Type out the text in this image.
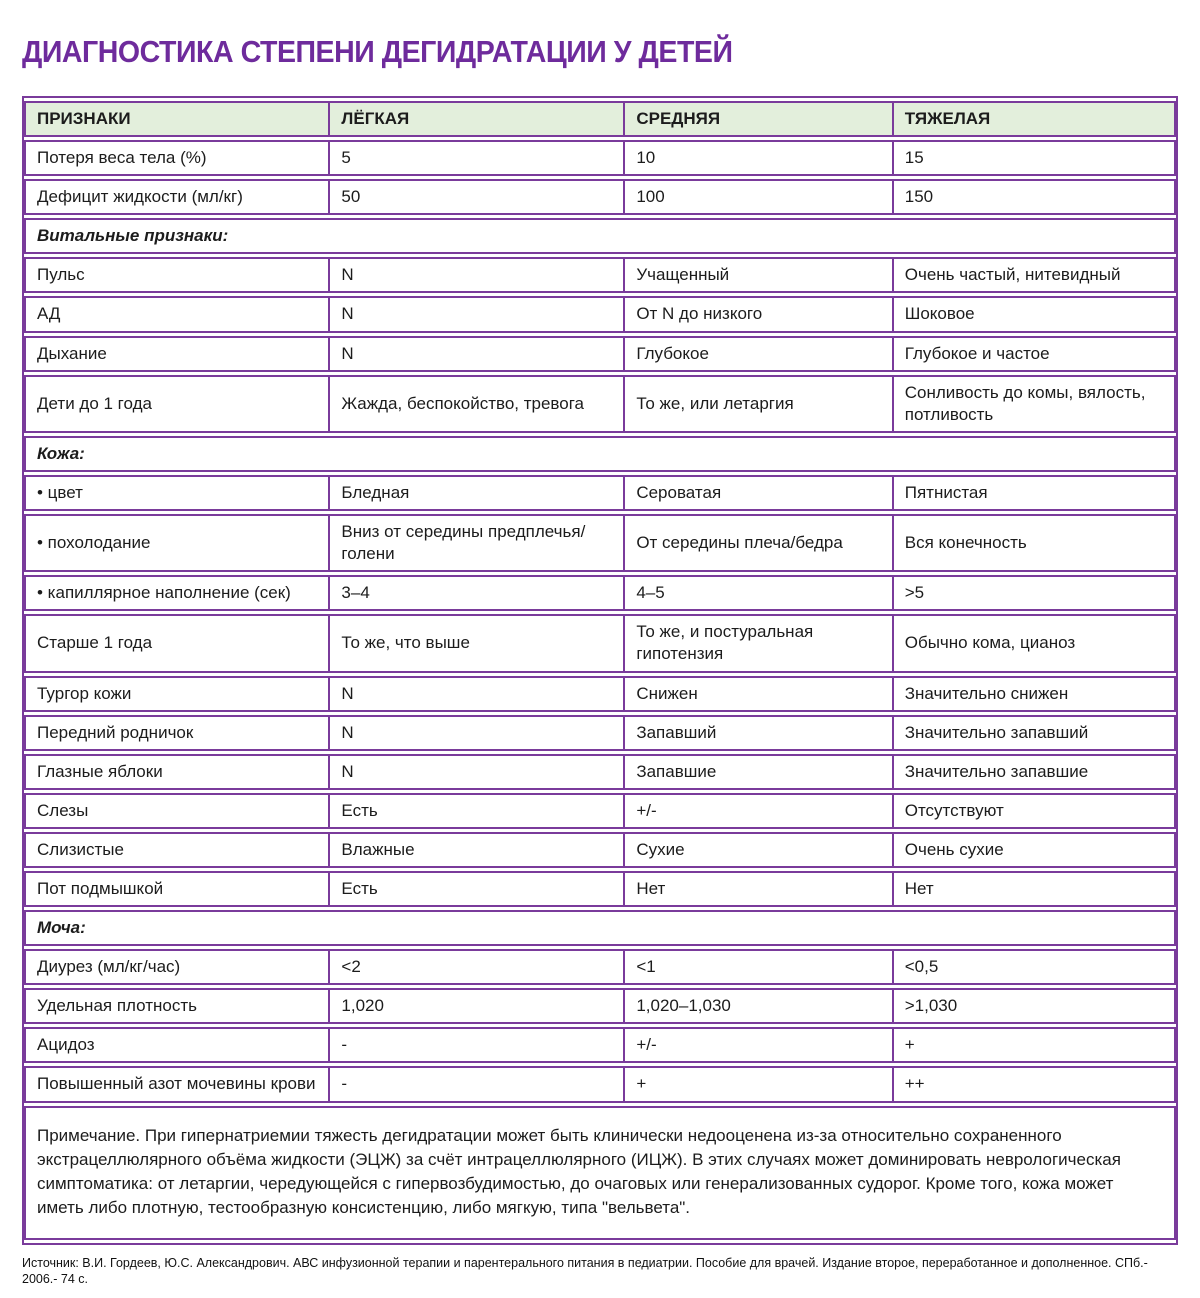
ДИАГНОСТИКА СТЕПЕНИ ДЕГИДРАТАЦИИ У ДЕТЕЙ
ПРИЗНАКИ	ЛЁГКАЯ	СРЕДНЯЯ	ТЯЖЕЛАЯ
Потеря веса тела (%)	5	10	15
Дефицит жидкости (мл/кг)	50	100	150
Витальные признаки:			
Пульс	N	Учащенный	Очень частый, нитевидный
АД	N	От N до низкого	Шоковое
Дыхание	N	Глубокое	Глубокое и частое
Дети до 1 года	Жажда, беспокойство, тревога	То же, или летаргия	Сонливость до комы, вялость, потливость
Кожа:			
• цвет	Бледная	Сероватая	Пятнистая
• похолодание	Вниз от середины предплечья/голени	От середины плеча/бедра	Вся конечность
• капиллярное наполнение (сек)	3–4	4–5	>5
Старше 1 года	То же, что выше	То же, и постуральная гипотензия	Обычно кома, цианоз
Тургор кожи	N	Снижен	Значительно снижен
Передний родничок	N	Запавший	Значительно запавший
Глазные яблоки	N	Запавшие	Значительно запавшие
Слезы	Есть	+/-	Отсутствуют
Слизистые	Влажные	Сухие	Очень сухие
Пот подмышкой	Есть	Нет	Нет
Моча:			
Диурез (мл/кг/час)	<2	<1	<0,5
Удельная плотность	1,020	1,020–1,030	>1,030
Ацидоз	-	+/-	+
Повышенный азот мочевины крови	-	+	++
Примечание. При гипернатриемии тяжесть дегидратации может быть клинически недооценена из-за относительно сохраненного экстрацеллюлярного объёма жидкости (ЭЦЖ) за счёт интрацеллюлярного (ИЦЖ). В этих случаях может доминировать неврологическая симптоматика: от летаргии, чередующейся с гипервозбудимостью, до очаговых или генерализованных судорог. Кроме того, кожа может иметь либо плотную, тестообразную консистенцию, либо мягкую, типа "вельвета".			

Источник: В.И. Гордеев, Ю.С. Александрович. АВС инфузионной терапии и парентерального питания в педиатрии. Пособие для врачей. Издание второе, переработанное и дополненное. СПб.- 2006.- 74 с.
